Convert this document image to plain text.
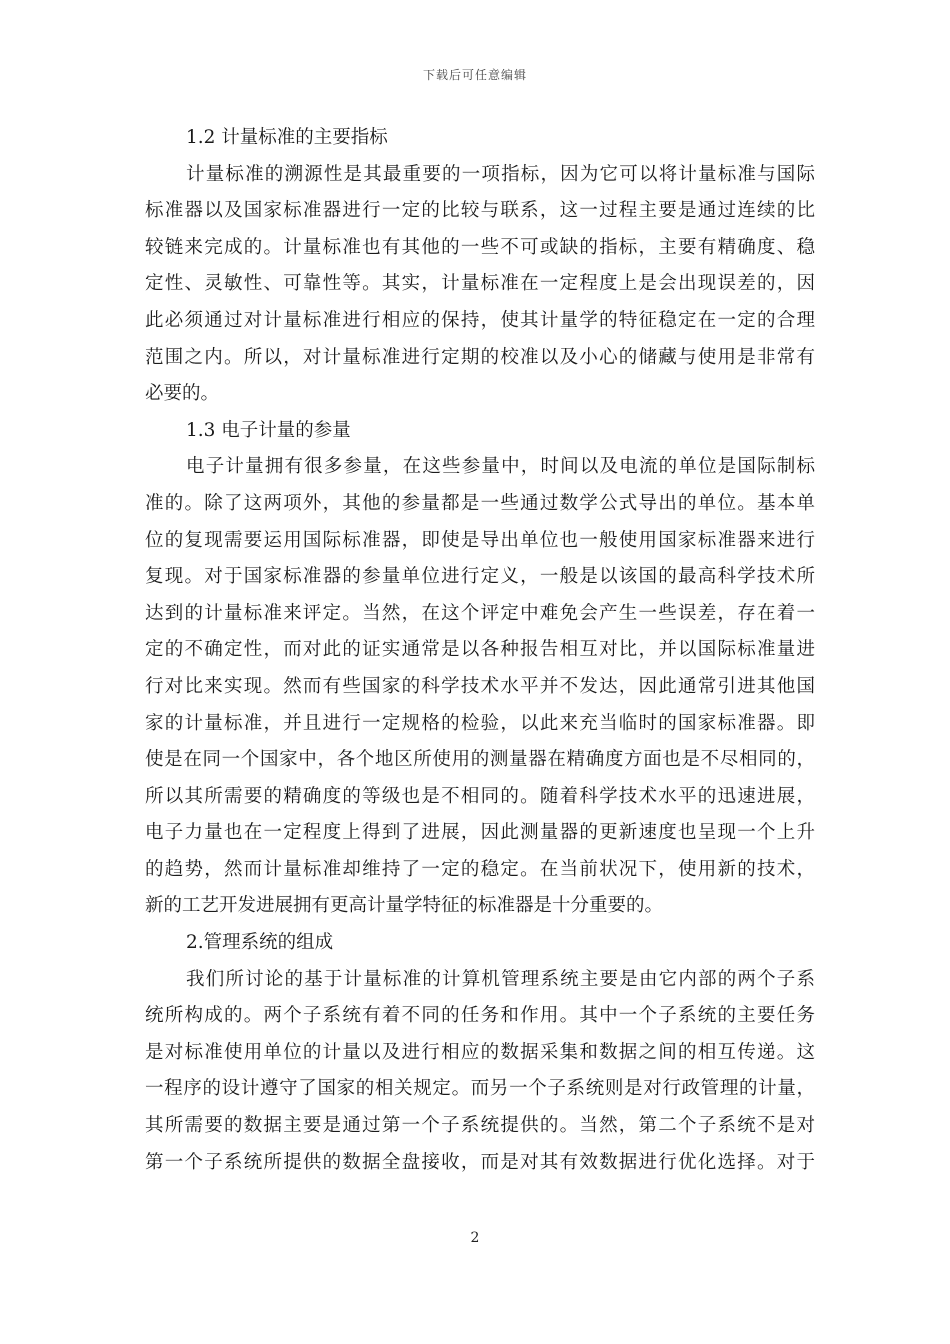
下载后可任意编辑
1.2 计量标准的主要指标
计量标准的溯源性是其最重要的一项指标，因为它可以将计量标准与国际
标准器以及国家标准器进行一定的比较与联系，这一过程主要是通过连续的比
较链来完成的。计量标准也有其他的一些不可或缺的指标，主要有精确度、稳
定性、灵敏性、可靠性等。其实，计量标准在一定程度上是会出现误差的，因
此必须通过对计量标准进行相应的保持，使其计量学的特征稳定在一定的合理
范围之内。所以，对计量标准进行定期的校准以及小心的储藏与使用是非常有
必要的。
1.3 电子计量的参量
电子计量拥有很多参量，在这些参量中，时间以及电流的单位是国际制标
准的。除了这两项外，其他的参量都是一些通过数学公式导出的单位。基本单
位的复现需要运用国际标准器，即使是导出单位也一般使用国家标准器来进行
复现。对于国家标准器的参量单位进行定义，一般是以该国的最高科学技术所
达到的计量标准来评定。当然，在这个评定中难免会产生一些误差，存在着一
定的不确定性，而对此的证实通常是以各种报告相互对比，并以国际标准量进
行对比来实现。然而有些国家的科学技术水平并不发达，因此通常引进其他国
家的计量标准，并且进行一定规格的检验，以此来充当临时的国家标准器。即
使是在同一个国家中，各个地区所使用的测量器在精确度方面也是不尽相同的，
所以其所需要的精确度的等级也是不相同的。随着科学技术水平的迅速进展，
电子力量也在一定程度上得到了进展，因此测量器的更新速度也呈现一个上升
的趋势，然而计量标准却维持了一定的稳定。在当前状况下，使用新的技术，
新的工艺开发进展拥有更高计量学特征的标准器是十分重要的。
2.管理系统的组成
我们所讨论的基于计量标准的计算机管理系统主要是由它内部的两个子系
统所构成的。两个子系统有着不同的任务和作用。其中一个子系统的主要任务
是对标准使用单位的计量以及进行相应的数据采集和数据之间的相互传递。这
一程序的设计遵守了国家的相关规定。而另一个子系统则是对行政管理的计量，
其所需要的数据主要是通过第一个子系统提供的。当然，第二个子系统不是对
第一个子系统所提供的数据全盘接收，而是对其有效数据进行优化选择。对于
2
